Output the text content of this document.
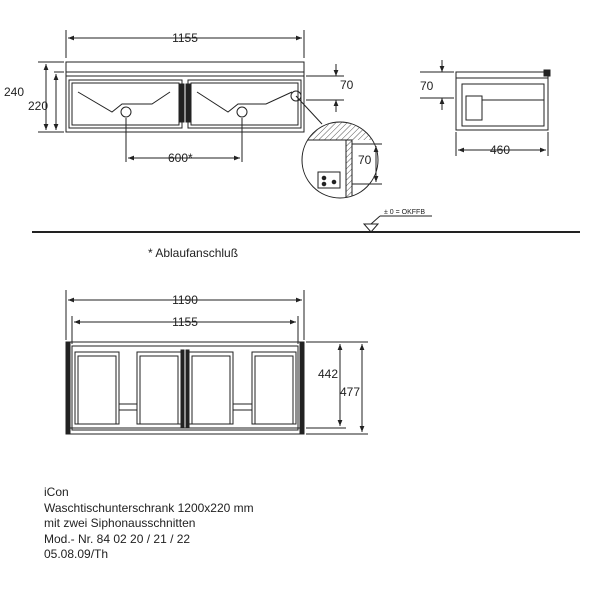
1155
240
220
70
600*	70
70
460
± 0 = OKFFB
1190
1155
442
477
* Ablaufanschluß
iCon
Waschtischunterschrank 1200x220 mm
mit zwei Siphonausschnitten
Mod.- Nr. 84 02 20 / 21 / 22
05.08.09/Th
